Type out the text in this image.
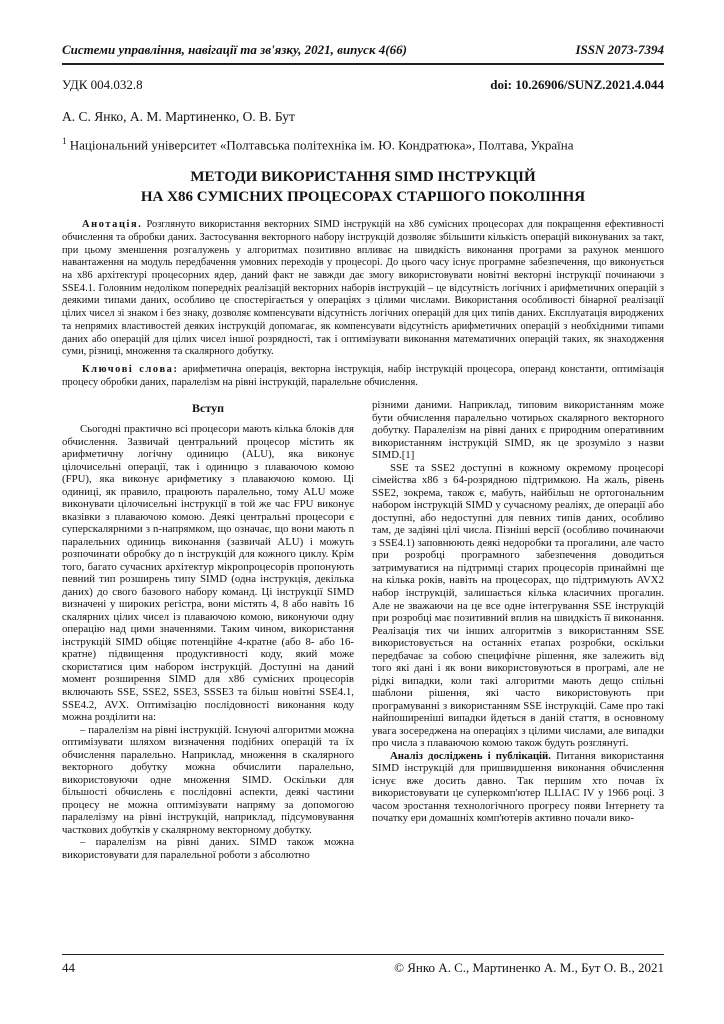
Системи управління, навігації та зв'язку, 2021, випуск 4(66)	ISSN 2073-7394
УДК 004.032.8	doi: 10.26906/SUNZ.2021.4.044
А. С. Янко, А. М. Мартиненко, О. В. Бут
$^1$ Національний університет «Полтавська політехніка ім. Ю. Кондратюка», Полтава, Україна
МЕТОДИ ВИКОРИСТАННЯ SIMD ІНСТРУКЦІЙ
НА Х86 СУМІСНИХ ПРОЦЕСОРАХ СТАРШОГО ПОКОЛІННЯ

Анотація. Розглянуто використання векторних SIMD інструкцій на х86 сумісних процесорах для покращення ефективності обчислення та обробки даних. Застосування векторного набору інструкцій дозволяє збільшити кількість операцій виконуваних за такт, при цьому зменшення розгалужень у алгоритмах позитивно впливає на швидкість виконання програми за рахунок меншого навантаження на модуль передбачення умовних переходів у процесорі. До цього часу існує програмне забезпечення, що виконується на х86 архітектурі процесорних ядер, даний факт не завжди дає змогу використовувати новітні векторні інструкції починаючи з SSE4.1. Головним недоліком попередніх реалізацій векторних наборів інструкцій – це відсутність логічних і арифметичних операцій з деякими типами даних, особливо це спостерігається у операціях з цілими числами. Використання особливості бінарної реалізації цілих чисел зі знаком і без знаку, дозволяє компенсувати відсутність логічних операцій для цих типів даних. Експлуатація вироджених та непрямих властивостей деяких інструкцій допомагає, як компенсувати відсутність арифметичних операцій з необхідними типами даних або операцій для цілих чисел іншої розрядності, так і оптимізувати виконання математичних операцій таких, як знаходження суми, різниці, множення та скалярного добутку.

Ключові слова: арифметична операція, векторна інструкція, набір інструкцій процесора, операнд константи, оптимізація процесу обробки даних, паралелізм на рівні інструкцій, паралельне обчислення.

Вступ

Сьогодні практично всі процесори мають кілька блоків для обчислення. Зазвичай центральний процесор містить як арифметичну логічну одиницю (ALU), яка виконує цілочисельні операції, так і одиницю з плаваючою комою (FPU), яка виконує арифметику з плаваючою комою. Ці одиниці, як правило, працюють паралельно, тому ALU може виконувати цілочисельні інструкції в той же час FPU виконує вказівки з плаваючою комою. Деякі центральні процесори є суперскалярними з n-напрямком, що означає, що вони мають n паралельних одиниць виконання (зазвичай ALU) і можуть розпочинати обробку до n інструкцій для кожного циклу. Крім того, багато сучасних архітектур мікропроцесорів пропонують певний тип розширень типу SIMD (одна інструкція, декілька даних) до свого базового набору команд. Ці інструкції SIMD визначені у широких регістра, вони містять 4, 8 або навіть 16 скалярних цілих чисел із плаваючою комою, виконуючи одну операцію над цими значеннями. Таким чином, використання інструкцій SIMD обіцяє потенційне 4-кратне (або 8- або 16-кратне) підвищення продуктивності коду, який може скористатися цим набором інструкцій. Доступні на даний момент розширення SIMD для х86 сумісних процесорів включають SSE, SSE2, SSE3, SSSE3 та більш новітні SSE4.1, SSE4.2, AVX. Оптимізацію послідовності виконання коду можна розділити на:

– паралелізм на рівні інструкцій. Існуючі алгоритми можна оптимізувати шляхом визначення подібних операцій та їх обчислення паралельно. Наприклад, множення в скалярного векторного добутку можна обчислити паралельно, використовуючи одне множення SIMD. Оскільки для більшості обчислень є послідовні аспекти, деякі частини процесу не можна оптимізувати напряму за допомогою паралелізму на рівні інструкцій, наприклад, підсумовування часткових добутків у скалярному векторному добутку.

– паралелізм на рівні даних. SIMD також можна використовувати для паралельної роботи з абсолютно

різними даними. Наприклад, типовим використанням може бути обчислення паралельно чотирьох скалярного векторного добутку. Паралелізм на рівні даних є природним оперативним використанням інструкцій SIMD, як це зрозуміло з назви SIMD.[1]

SSE та SSE2 доступні в кожному окремому процесорі сімейства х86 з 64-розрядною підтримкою. На жаль, рівень SSE2, зокрема, також є, мабуть, найбільш не ортогональним набором інструкцій SIMD у сучасному реаліях, де операції або доступні, або недоступні для певних типів даних, особливо там, де задіяні цілі числа. Пізніші версії (особливо починаючи з SSE4.1) заповнюють деякі недоробки та прогалини, але часто при розробці програмного забезпечення доводиться затримуватися на підтримці старих процесорів принаймні ще на кілька років, навіть на процесорах, що підтримують AVX2 набор інструкцій, залишається кілька класичних прогалин. Але не зважаючи на це все одне інтегрування SSE інструкцій при розробці має позитивний вплив на швидкість її виконання. Реалізація тих чи інших алгоритмів з використанням SSE використовується на останніх етапах розробки, оскільки передбачає за собою специфічне рішення, яке залежить від того які дані і як вони використовуються в програмі, але не рідкі випадки, коли такі алгоритми мають дещо спільні шаблони рішення, які часто використовують при програмуванні з використанням SSE інструкцій. Саме про такі найпоширеніші випадки йдеться в даній стаття, в основному увага зосереджена на операціях з цілими числами, але випадки про числа з плаваючою комою також будуть розглянуті.

Аналіз досліджень і публікацій. Питання використання SIMD інструкцій для пришвидшення виконання обчислення існує вже досить давно. Так першим хто почав їх використовувати це суперкомп'ютер ILLIAC IV у 1966 році. З часом зростання технологічного прогресу появи Інтернету та початку ери домашніх комп'ютерів активно почали вико-

44	© Янко А. С., Мартиненко А. М., Бут О. В., 2021
